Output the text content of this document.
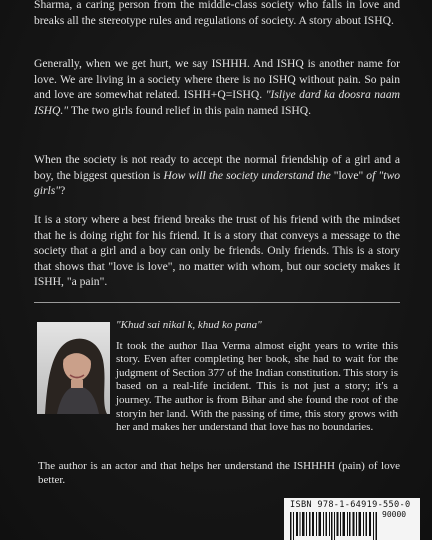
Sharma, a caring person from the middle-class society who falls in love and breaks all the stereotype rules and regulations of society. A story about ISHQ.

Generally, when we get hurt, we say ISHHH. And ISHQ is another name for love. We are living in a society where there is no ISHQ without pain. So pain and love are somewhat related. ISHH+Q=ISHQ. "Isliye dard ka doosra naam ISHQ." The two girls found relief in this pain named ISHQ.

When the society is not ready to accept the normal friendship of a girl and a boy, the biggest question is How will the society understand the "love" of "two girls"?

It is a story where a best friend breaks the trust of his friend with the mindset that he is doing right for his friend. It is a story that conveys a message to the society that a girl and a boy can only be friends. Only friends. This is a story that shows that "love is love", no matter with whom, but our society makes it ISHH, "a pain".

"Khud sai nikal k, khud ko pana"

It took the author Ilaa Verma almost eight years to write this story. Even after completing her book, she had to wait for the judgment of Section 377 of the Indian constitution. This story is based on a real-life incident. This is not just a story; it's a journey. The author is from Bihar and she found the root of the storyin her land. With the passing of time, this story grows with her and makes her understand that love has no boundaries.

The author is an actor and that helps her understand the ISHHHH (pain) of love better.

ISBN 978-1-64919-550-0
90000
